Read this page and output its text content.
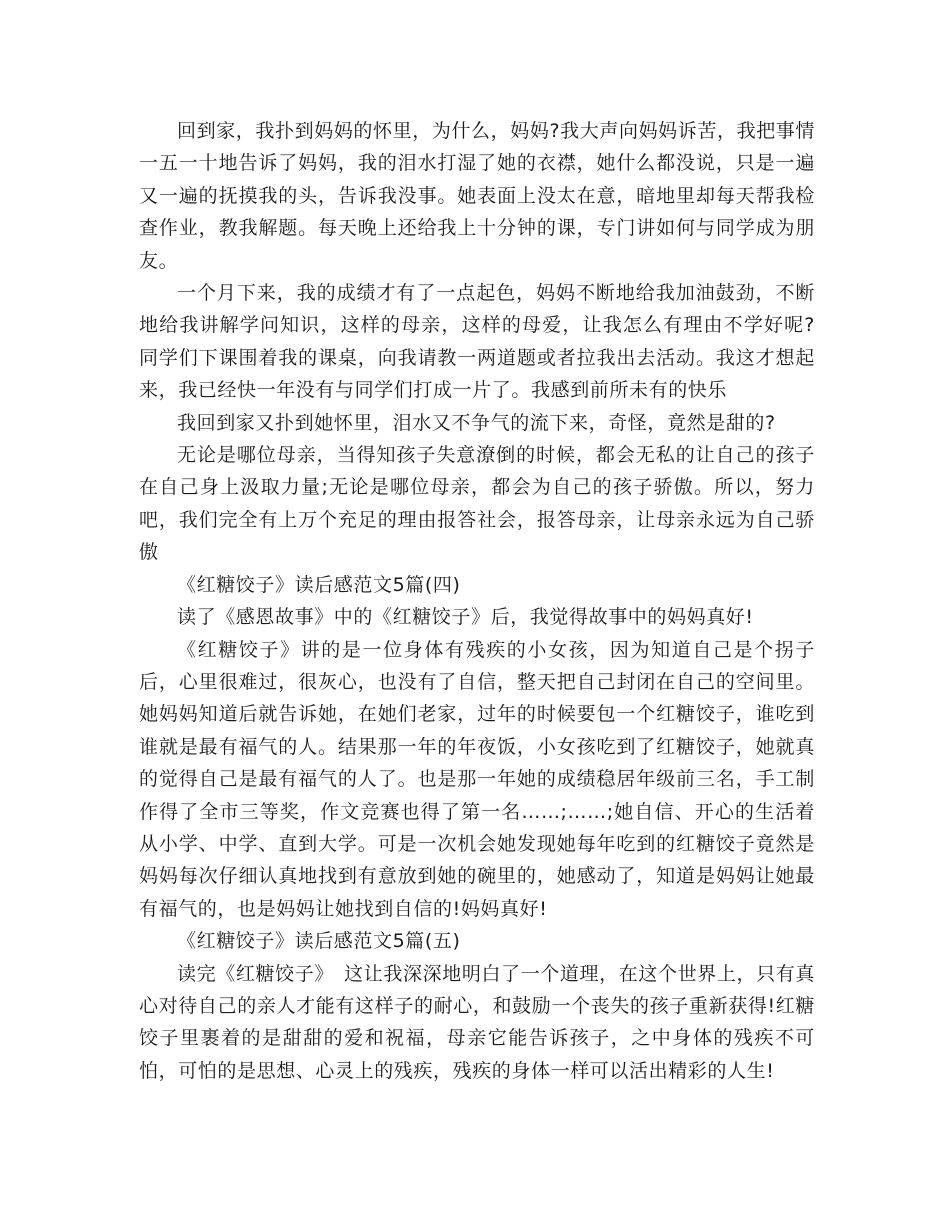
回到家，我扑到妈妈的怀里，为什么，妈妈?我大声向妈妈诉苦，我把事情一五一十地告诉了妈妈，我的泪水打湿了她的衣襟，她什么都没说，只是一遍又一遍的抚摸我的头，告诉我没事。她表面上没太在意，暗地里却每天帮我检查作业，教我解题。每天晚上还给我上十分钟的课，专门讲如何与同学成为朋友。

一个月下来，我的成绩才有了一点起色，妈妈不断地给我加油鼓劲，不断地给我讲解学问知识，这样的母亲，这样的母爱，让我怎么有理由不学好呢?同学们下课围着我的课桌，向我请教一两道题或者拉我出去活动。我这才想起来，我已经快一年没有与同学们打成一片了。我感到前所未有的快乐

我回到家又扑到她怀里，泪水又不争气的流下来，奇怪，竟然是甜的?

无论是哪位母亲，当得知孩子失意潦倒的时候，都会无私的让自己的孩子在自己身上汲取力量;无论是哪位母亲，都会为自己的孩子骄傲。所以，努力吧，我们完全有上万个充足的理由报答社会，报答母亲，让母亲永远为自己骄傲

《红糖饺子》读后感范文5篇(四)

读了《感恩故事》中的《红糖饺子》后，我觉得故事中的妈妈真好!

《红糖饺子》讲的是一位身体有残疾的小女孩，因为知道自己是个拐子后，心里很难过，很灰心，也没有了自信，整天把自己封闭在自己的空间里。她妈妈知道后就告诉她，在她们老家，过年的时候要包一个红糖饺子，谁吃到谁就是最有福气的人。结果那一年的年夜饭，小女孩吃到了红糖饺子，她就真的觉得自己是最有福气的人了。也是那一年她的成绩稳居年级前三名，手工制作得了全市三等奖，作文竞赛也得了第一名……;……;她自信、开心的生活着从小学、中学、直到大学。可是一次机会她发现她每年吃到的红糖饺子竟然是妈妈每次仔细认真地找到有意放到她的碗里的，她感动了，知道是妈妈让她最有福气的，也是妈妈让她找到自信的!妈妈真好!

《红糖饺子》读后感范文5篇(五)

读完《红糖饺子》　这让我深深地明白了一个道理，在这个世界上，只有真心对待自己的亲人才能有这样子的耐心，和鼓励一个丧失的孩子重新获得!红糖饺子里裹着的是甜甜的爱和祝福，母亲它能告诉孩子，之中身体的残疾不可怕，可怕的是思想、心灵上的残疾，残疾的身体一样可以活出精彩的人生!
